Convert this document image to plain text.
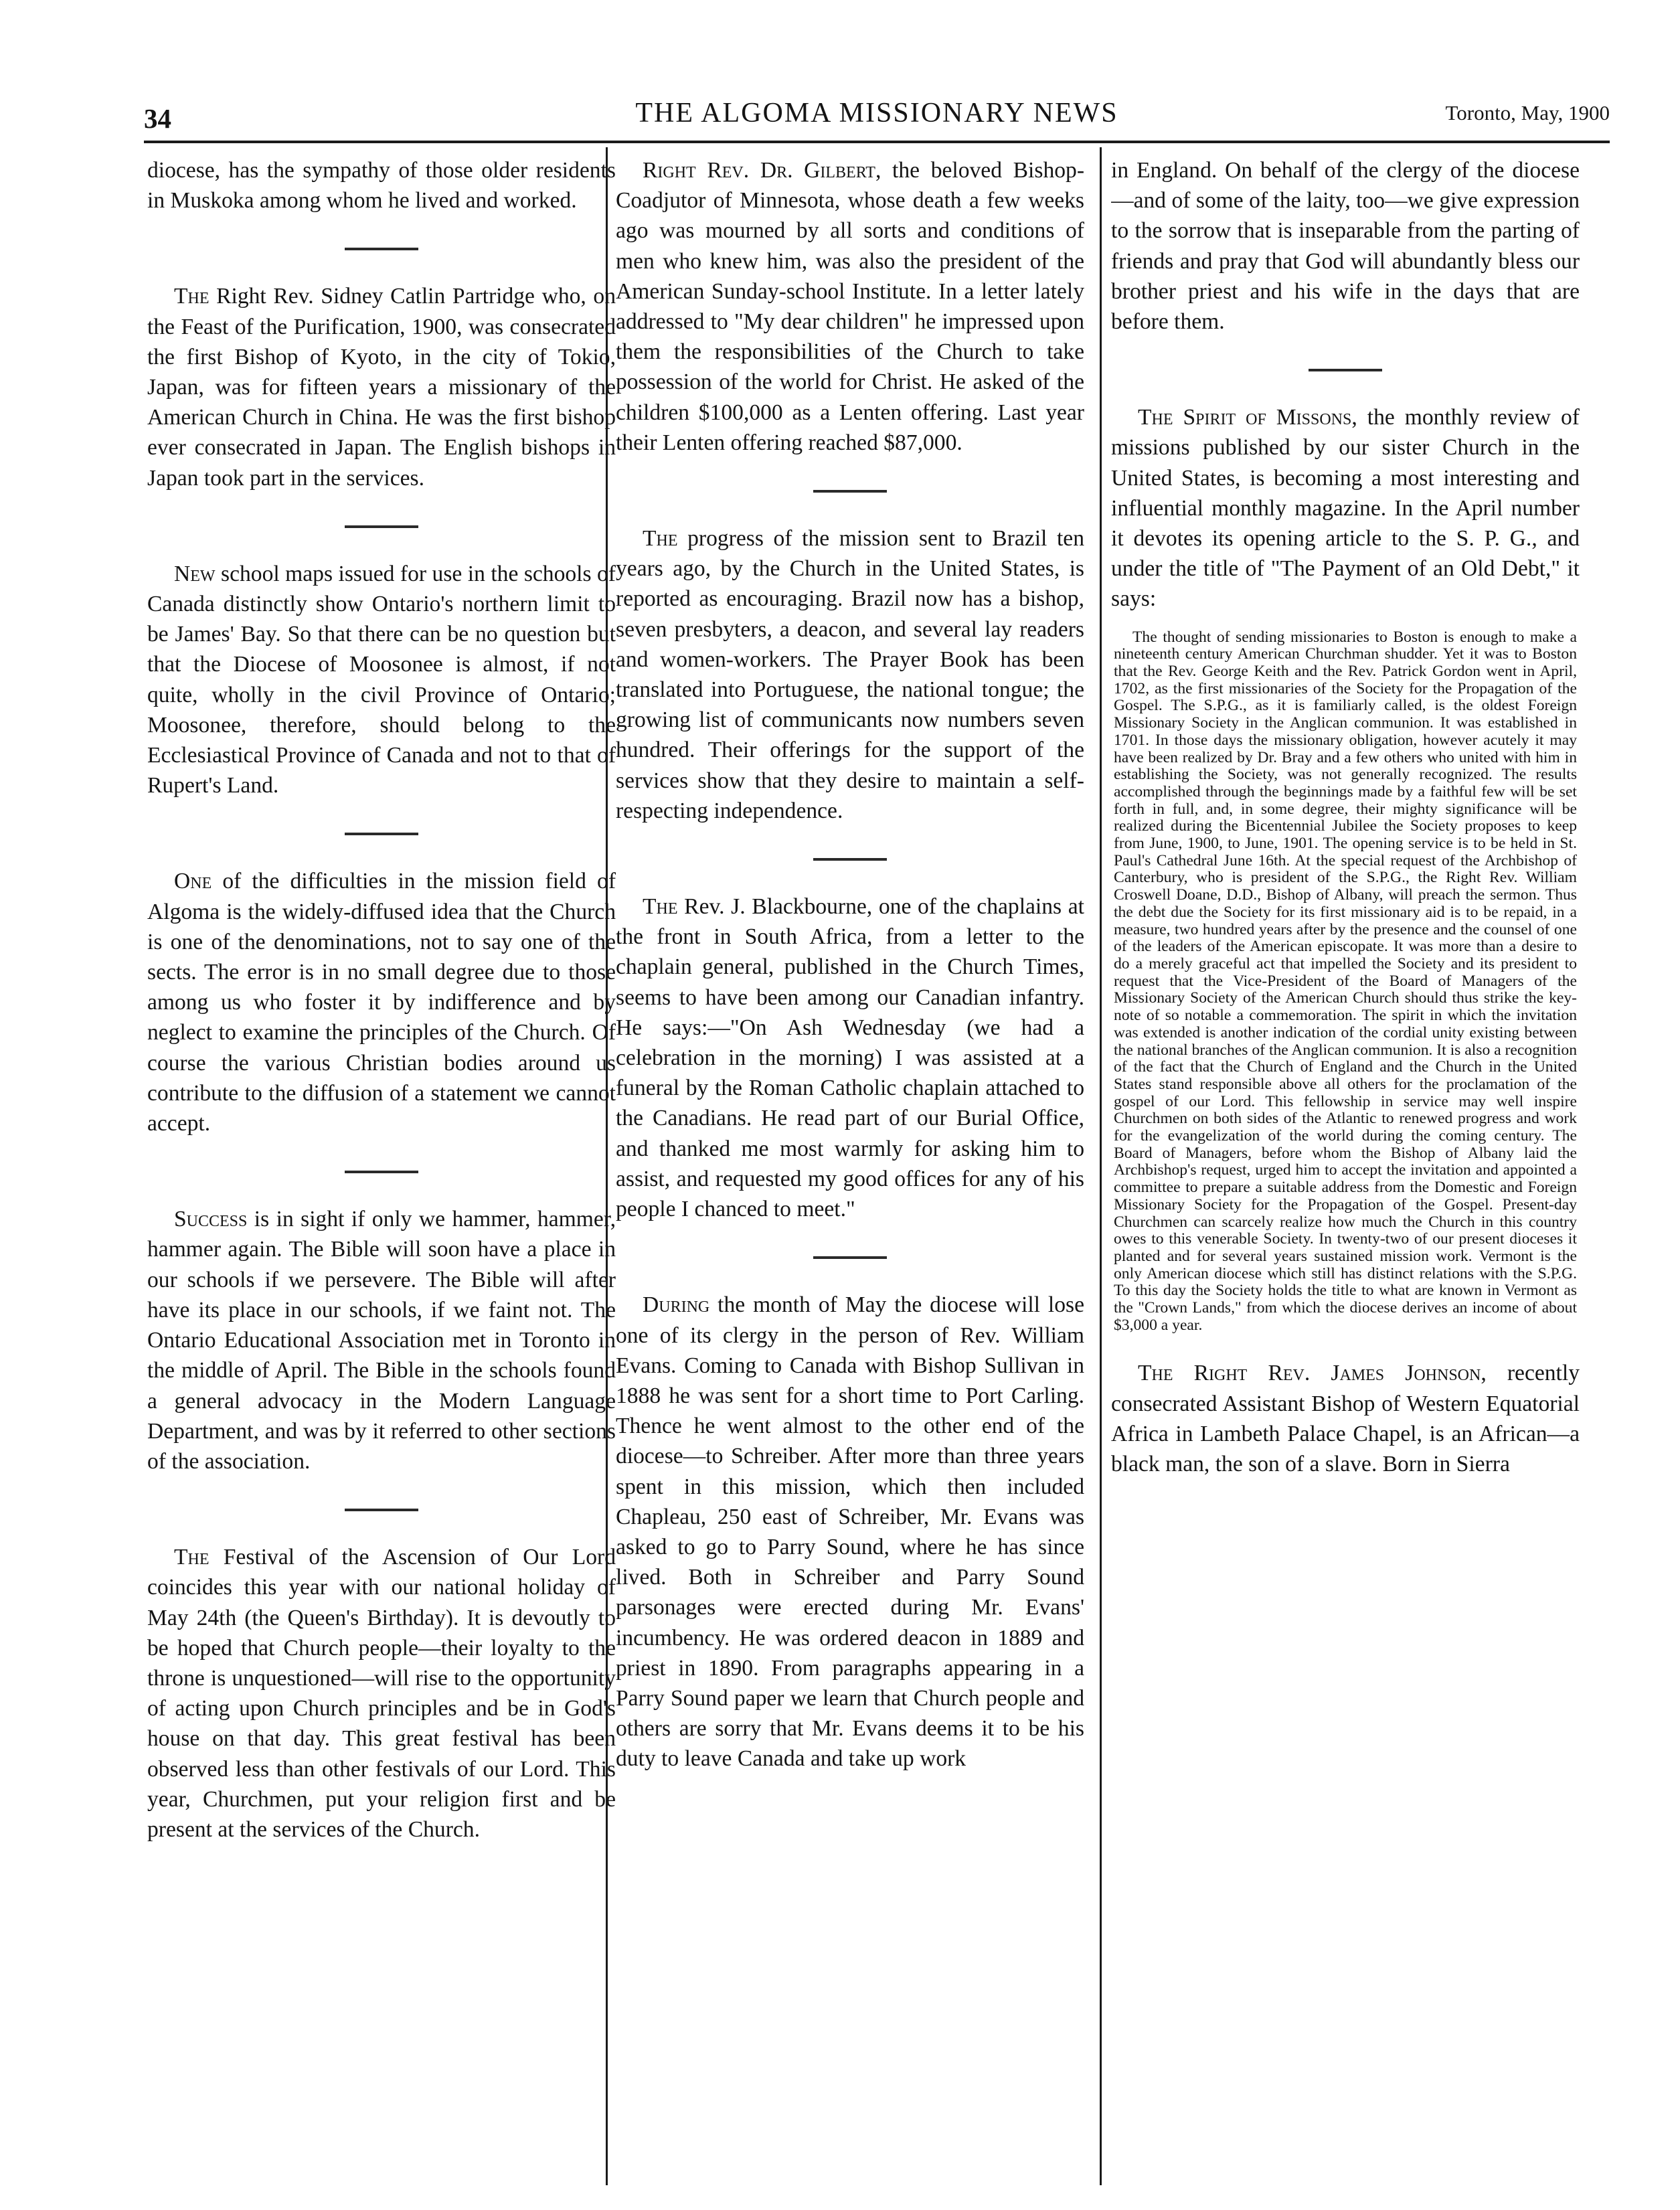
34	THE ALGOMA MISSIONARY NEWS	Toronto, May, 1900

diocese, has the sympathy of those older residents in Muskoka among whom he lived and worked.

The Right Rev. Sidney Catlin Partridge who, on the Feast of the Purification, 1900, was consecrated the first Bishop of Kyoto, in the city of Tokio, Japan, was for fifteen years a missionary of the American Church in China. He was the first bishop ever consecrated in Japan. The English bishops in Japan took part in the services.

New school maps issued for use in the schools of Canada distinctly show Ontario's northern limit to be James' Bay. So that there can be no question but that the Diocese of Moosonee is almost, if not quite, wholly in the civil Province of Ontario; Moosonee, therefore, should belong to the Ecclesiastical Province of Canada and not to that of Rupert's Land.

One of the difficulties in the mission field of Algoma is the widely-diffused idea that the Church is one of the denominations, not to say one of the sects. The error is in no small degree due to those among us who foster it by indifference and by neglect to examine the principles of the Church. Of course the various Christian bodies around us contribute to the diffusion of a statement we cannot accept.

Success is in sight if only we hammer, hammer, hammer again. The Bible will soon have a place in our schools if we persevere. The Bible will after have its place in our schools, if we faint not. The Ontario Educational Association met in Toronto in the middle of April. The Bible in the schools found a general advocacy in the Modern Language Department, and was by it referred to other sections of the association.

The Festival of the Ascension of Our Lord coincides this year with our national holiday of May 24th (the Queen's Birthday). It is devoutly to be hoped that Church people—their loyalty to the throne is unquestioned—will rise to the opportunity of acting upon Church principles and be in God's house on that day. This great festival has been observed less than other festivals of our Lord. This year, Churchmen, put your religion first and be present at the services of the Church.

Right Rev. Dr. Gilbert, the beloved Bishop-Coadjutor of Minnesota, whose death a few weeks ago was mourned by all sorts and conditions of men who knew him, was also the president of the American Sunday-school Institute. In a letter lately addressed to "My dear children" he impressed upon them the responsibilities of the Church to take possession of the world for Christ. He asked of the children $100,000 as a Lenten offering. Last year their Lenten offering reached $87,000.

The progress of the mission sent to Brazil ten years ago, by the Church in the United States, is reported as encouraging. Brazil now has a bishop, seven presbyters, a deacon, and several lay readers and women-workers. The Prayer Book has been translated into Portuguese, the national tongue; the growing list of communicants now numbers seven hundred. Their offerings for the support of the services show that they desire to maintain a self-respecting independence.

The Rev. J. Blackbourne, one of the chaplains at the front in South Africa, from a letter to the chaplain general, published in the Church Times, seems to have been among our Canadian infantry. He says:—"On Ash Wednesday (we had a celebration in the morning) I was assisted at a funeral by the Roman Catholic chaplain attached to the Canadians. He read part of our Burial Office, and thanked me most warmly for asking him to assist, and requested my good offices for any of his people I chanced to meet."

During the month of May the diocese will lose one of its clergy in the person of Rev. William Evans. Coming to Canada with Bishop Sullivan in 1888 he was sent for a short time to Port Carling. Thence he went almost to the other end of the diocese—to Schreiber. After more than three years spent in this mission, which then included Chapleau, 250 east of Schreiber, Mr. Evans was asked to go to Parry Sound, where he has since lived. Both in Schreiber and Parry Sound parsonages were erected during Mr. Evans' incumbency. He was ordered deacon in 1889 and priest in 1890. From paragraphs appearing in a Parry Sound paper we learn that Church people and others are sorry that Mr. Evans deems it to be his duty to leave Canada and take up work

in England. On behalf of the clergy of the diocese—and of some of the laity, too—we give expression to the sorrow that is inseparable from the parting of friends and pray that God will abundantly bless our brother priest and his wife in the days that are before them.

The Spirit of Missons, the monthly review of missions published by our sister Church in the United States, is becoming a most interesting and influential monthly magazine. In the April number it devotes its opening article to the S. P. G., and under the title of "The Payment of an Old Debt," it says:

The thought of sending missionaries to Boston is enough to make a nineteenth century American Churchman shudder. Yet it was to Boston that the Rev. George Keith and the Rev. Patrick Gordon went in April, 1702, as the first missionaries of the Society for the Propagation of the Gospel. The S.P.G., as it is familiarly called, is the oldest Foreign Missionary Society in the Anglican communion. It was established in 1701. In those days the missionary obligation, however acutely it may have been realized by Dr. Bray and a few others who united with him in establishing the Society, was not generally recognized. The results accomplished through the beginnings made by a faithful few will be set forth in full, and, in some degree, their mighty significance will be realized during the Bicentennial Jubilee the Society proposes to keep from June, 1900, to June, 1901. The opening service is to be held in St. Paul's Cathedral June 16th. At the special request of the Archbishop of Canterbury, who is president of the S.P.G., the Right Rev. William Croswell Doane, D.D., Bishop of Albany, will preach the sermon. Thus the debt due the Society for its first missionary aid is to be repaid, in a measure, two hundred years after by the presence and the counsel of one of the leaders of the American episcopate. It was more than a desire to do a merely graceful act that impelled the Society and its president to request that the Vice-President of the Board of Managers of the Missionary Society of the American Church should thus strike the key-note of so notable a commemoration. The spirit in which the invitation was extended is another indication of the cordial unity existing between the national branches of the Anglican communion. It is also a recognition of the fact that the Church of England and the Church in the United States stand responsible above all others for the proclamation of the gospel of our Lord. This fellowship in service may well inspire Churchmen on both sides of the Atlantic to renewed progress and work for the evangelization of the world during the coming century. The Board of Managers, before whom the Bishop of Albany laid the Archbishop's request, urged him to accept the invitation and appointed a committee to prepare a suitable address from the Domestic and Foreign Missionary Society for the Propagation of the Gospel. Present-day Churchmen can scarcely realize how much the Church in this country owes to this venerable Society. In twenty-two of our present dioceses it planted and for several years sustained mission work. Vermont is the only American diocese which still has distinct relations with the S.P.G. To this day the Society holds the title to what are known in Vermont as the "Crown Lands," from which the diocese derives an income of about $3,000 a year.

The Right Rev. James Johnson, recently consecrated Assistant Bishop of Western Equatorial Africa in Lambeth Palace Chapel, is an African—a black man, the son of a slave. Born in Sierra
